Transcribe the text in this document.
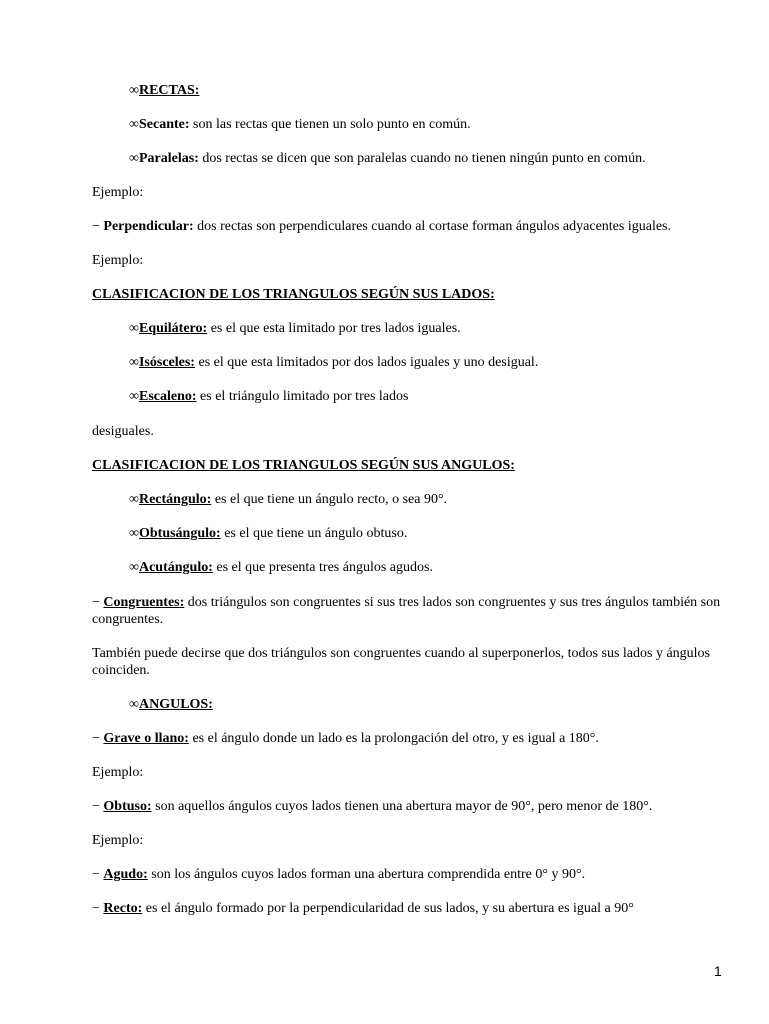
∞RECTAS:
∞Secante: son las rectas que tienen un solo punto en común.
∞Paralelas: dos rectas se dicen que son paralelas cuando no tienen ningún punto en común.
Ejemplo:
− Perpendicular: dos rectas son perpendiculares cuando al cortase forman ángulos adyacentes iguales.
Ejemplo:
CLASIFICACION DE LOS TRIANGULOS SEGÚN SUS LADOS:
∞Equilátero: es el que esta limitado por tres lados iguales.
∞Isósceles: es el que esta limitados por dos lados iguales y uno desigual.
∞Escaleno: es el triángulo limitado por tres lados
desiguales.
CLASIFICACION DE LOS TRIANGULOS SEGÚN SUS ANGULOS:
∞Rectángulo: es el que tiene un ángulo recto, o sea 90°.
∞Obtusángulo: es el que tiene un ángulo obtuso.
∞Acutángulo: es el que presenta tres ángulos agudos.
− Congruentes: dos triángulos son congruentes si sus tres lados son congruentes y sus tres ángulos también son congruentes.
También puede decirse que dos triángulos son congruentes cuando al superponerlos, todos sus lados y ángulos coinciden.
∞ANGULOS:
− Grave o llano: es el ángulo donde un lado es la prolongación del otro, y es igual a 180°.
Ejemplo:
− Obtuso: son aquellos ángulos cuyos lados tienen una abertura mayor de 90°, pero menor de 180°.
Ejemplo:
− Agudo: son los ángulos cuyos lados forman una abertura comprendida entre 0° y 90°.
− Recto: es el ángulo formado por la perpendicularidad de sus lados, y su abertura es igual a 90°
1
